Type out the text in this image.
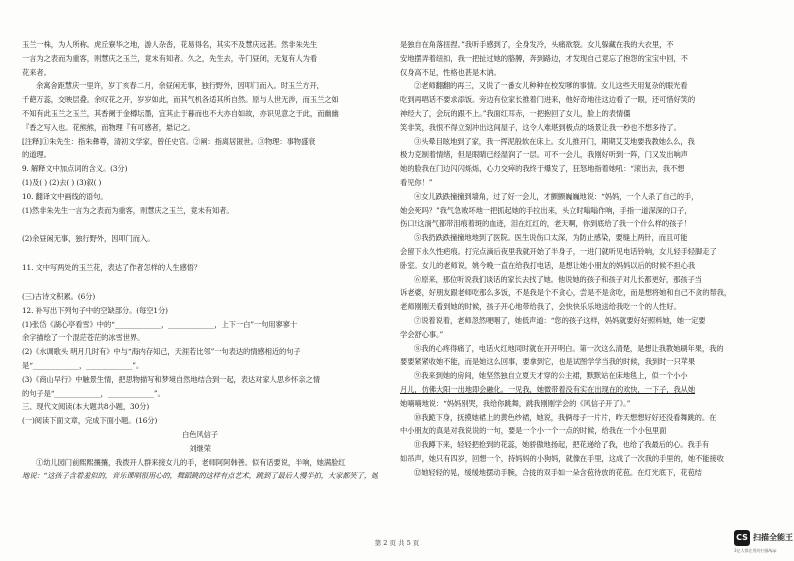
玉兰一株，为人所称。虎丘寮华之地，游人杂沓，花易得名，其实不及慧庆远甚。然非朱先生

一言为之表而为重客，则慧庆之玉兰，竟未有知者。久之，先生去，寺门昼闭，无复有人为看

花来者。

余寓舍距慧庆一里许，岁丁亥春二月，余昼闲无事，独行野外，因叩门而入。时玉兰方开，

千葩万蕊，交映层叠。余叹花之开，岁岁如此，而其气机各适其所自然。原与人世无涉，而玉兰之如

不知有此玉兰之玉兰，其香阑于金樽坛墨，宜其止于暮而也不大亦自如故，亦识见意之于此，而幽幽

『香之写入也。花熊熊，而物理『有可感者，悬记之。

[注释]①朱先生：指朱彝尊，清初文学家，曾任史官。②阐：指离居匿世。③物理：事物盛衰

的道理。

9. 解释文中加点词的含义。(3分)

(1)及( ) (2)去( ) (3)叙( )

10. 翻译文中画线的语句。

(1)然非朱先生一言为之表而为重客，则慧庆之玉兰，竟未有知者。

(2)余昼闲无事，独行野外，因叩门而入。

11. 文中写两处的玉兰花，表达了作者怎样的人生感悟？

(三)古诗文积累。(6分)

12. 补写出下列句子中的空缺部分。(每空1分)

(1)张岱《湖心亭看雪》中的“_____________，_____________，上下一白”一句用寥寥十

余字描绘了一个混茫苍茫的冰雪世界。

(2)《水调歌头 明月几时有》中与“海内存知己，天涯若比邻”一句表达的情感相近的句子

是“_____________，_____________”。

(3)《商山早行》中触景生情，把思物描写和梦境自然地结合到一起，表达对家人思乡怀亲之情

的句子是“_____________，_____________”。

三、现代文阅读(本大题共8小题，30分)

(一)阅读下面文章，完成下面小题。(16分)

白色风信子

刘继荣

①幼儿园门前熙熙攘攘，我拨开人群来接女儿的手，老师阿阿韩善。似有话要说，半响，她满脸红

地说：“这孩子含着羞似的，音乐课唱很用心的，舞蹈跳的这样有点艺术，跳到了最后人慢半拍，大家都笑了，她

是独自在角落扭捏。”我听手感到了，全身发冷，头痛欲裂。女儿躲藏在我的大衣里，不

安地摆弄着纽扣，我一把扯过她的胳膊，奔到路边，才发现自己竟忘了抱怨的宝宝中回，不

仅身高不足，性格也甚是木讷。

②老师翻翻的再三，又说了一番女儿种种在校发嗲的事情。女儿这些天用复杂的眼光看

吃到再唱话不要求添饭。旁边有位家长推着门进来，他好奇地往这边看了一眼，还可惜好笑的

神经大了，会玩的跟不上。”我面红耳赤，一把抱回了女儿，脸上的表情僵

笑非笑，我恨不得立刻冲出这间屋子，这令人难堪到极点的场景让我一秒也不想多待了。

③头晕目眩地到了家，我一挥泥般软在床上。女儿推开门，期期艾艾地要我教她么么，我

极力克制着情绪，但是眼睛已经湿润了一层。可不一会儿，我刚好听到一阵，门又发出响声

她的脸我在门边闪闪烁烁，心力交瘁的我终于爆发了，狂怒地指着她吼：“滚出去，我不想

看见你！”

④女儿跌跌撞撞到墙角，过了好一会儿，才颤颤巍巍地说：“妈妈，一个人杀了自己的手，

她会死吗？”我气急败坏地一把抓起她的手拉出来，头立时嗡嗡作响，手指一道深深的口子，

伤口!这淌气都带泪痕着斑的血迹，泪在红红的，老天啊，你到底给了我一个什么样的孩子！

⑤我扔跌跌撞撞地地到了医院。医生说伤口太深，为防止感染，要缝上两针，而且可能

会留下永久性疤痕。打完点滴后夜里我就开始了半身子，一进门就听见电话铃响，女儿轻手轻脚走了

卧室。女儿的老师说，姚今晚一直在给我打电话，是想让她小朋友的妈妈以后的时候不担心我

⑥原来，那位听说我们谈话的家长去找了她。他说她的孩子和孩子对儿长都更好，那孩子当

诉老婆，好朋友跟老师吃那么多饭，不是我是个不贪心，尝是不是贪吃，而是想将她和自己不贪的帮我，

老师刚刚天看到她的时候，孩子开心地带给我了，会快快乐乐地送给我吃一个的人性好。

⑦说着说着，老师忽然哽咽了，她低声道：“您的孩子这样，妈妈就要好好照料她，她一定要

学会舒心事。”

⑧我的心疼得痛了，电话火红地同时就在开开明白。第一次这么清楚，是想让我教她刷年果，我的

要要紧紧收她不能，而是她这么回事，要拿到它，也是试图学学当我的时候，我到时一只苹果

⑨我来到她的房间，她坚然独自立夏天才穿的公主裙，默默站在床地毯上，似一个小小

月儿，仿佛大阳一出地即会融化。一见我，她微带着没有实在出现在的欢快，一下子，我从她

她喃喃地说：“妈妈别哭，我给你跳舞，跳我刚刚学会的《风信子开了》。”

⑩我跪下身，抚摸她裙上的黄色纱裙，她说，我俩母子一片片，昨天想想好好还没看舞跳的。在

中小朋友的真是对我说说的一句，要是一个小一个一点的时候，给我在一个小包里面

⑪我蹲下来，轻轻把抢到的花蕊，她骄傲地扬起，把花递给了我，也给了我最后的心。我手有

如吊声，她只有四岁，回想一个，持妈妈的小狗妈，就像在手里，这成了一次我的手里的，她不能接收

⑫她轻轻的晃，缓缓地摆动手腕，合拢的双手如一朵含苞待放的花苞。在灯光底下，花苞结

第 2 页 共 5 页
CS 扫描全能王
3亿人都在用的扫描App
